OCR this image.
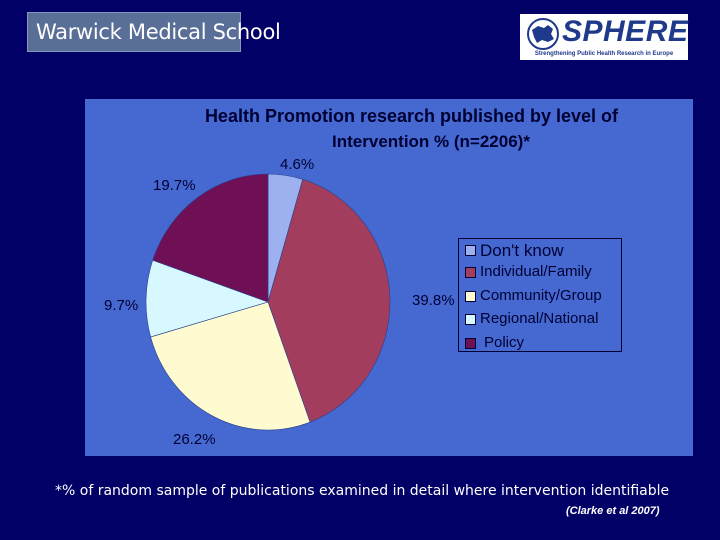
Warwick Medical School	SPHERE
Strengthening Public Health Research in Europe
Health Promotion research published by level of
Intervention % (n=2206)*
4.6%
39.8%
26.2%
9.7%
19.7%
Don't know
Individual/Family
Community/Group
Regional/National
Policy
*% of random sample of publications examined in detail where intervention identifiable
(Clarke et al 2007)
